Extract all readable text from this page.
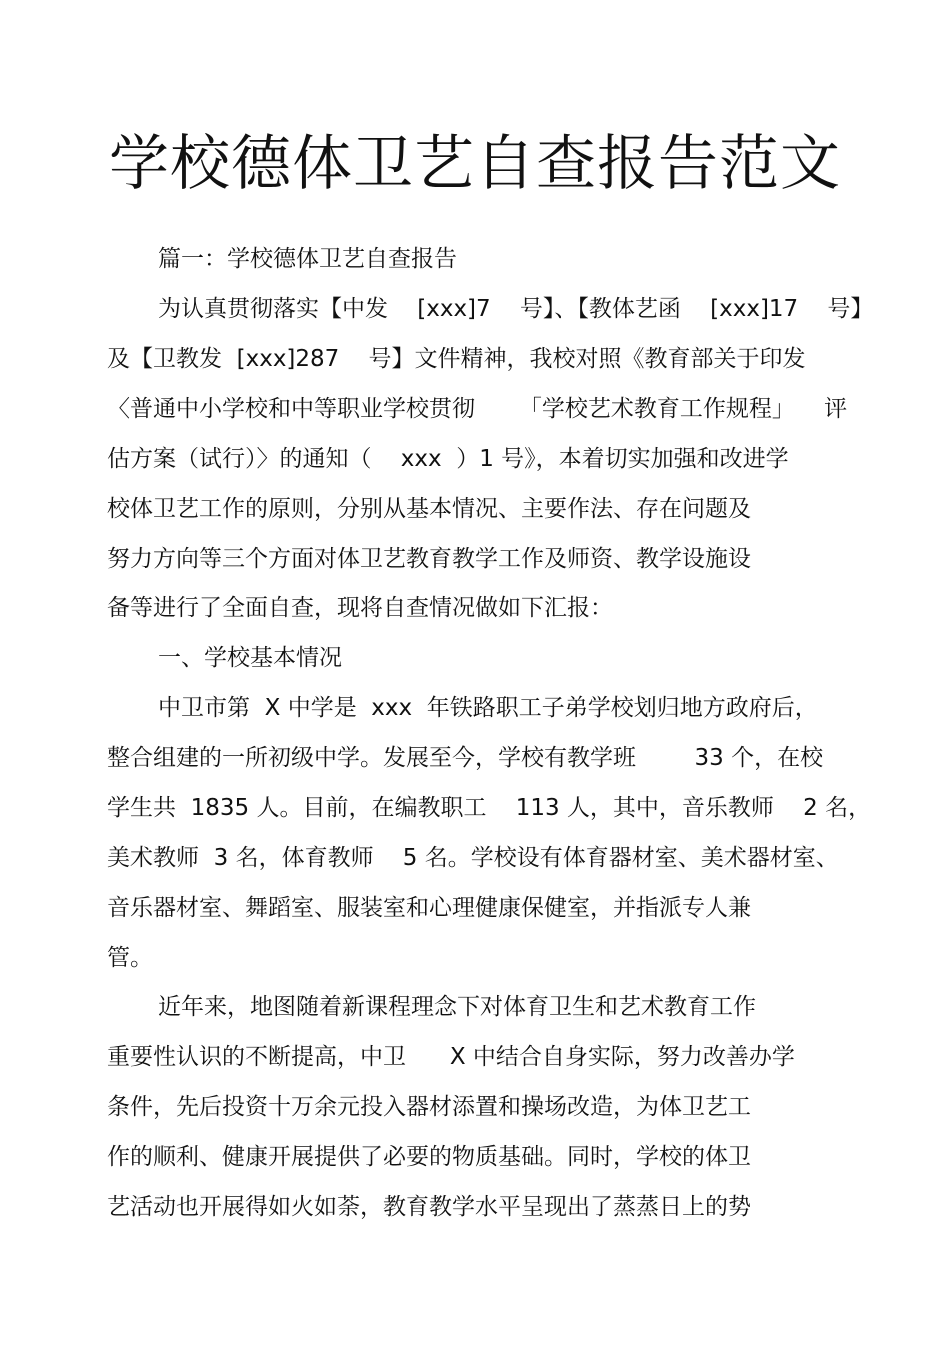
学校德体卫艺自查报告范文
篇一：学校德体卫艺自查报告
为认真贯彻落实【中发    [xxx]7    号】、【教体艺函    [xxx]17    号】
及【卫教发  [xxx]287    号】文件精神，我校对照《教育部关于印发
〈普通中小学校和中等职业学校贯彻      「学校艺术教育工作规程」    评
估方案（试行）〉的通知（    xxx  ）1 号》，本着切实加强和改进学
校体卫艺工作的原则，分别从基本情况、主要作法、存在问题及
努力方向等三个方面对体卫艺教育教学工作及师资、教学设施设
备等进行了全面自查，现将自查情况做如下汇报：
一、学校基本情况
中卫市第  X 中学是  xxx  年铁路职工子弟学校划归地方政府后，
整合组建的一所初级中学。发展至今，学校有教学班        33 个，在校
学生共  1835 人。目前，在编教职工    113 人，其中，音乐教师    2 名，
美术教师  3 名，体育教师    5 名。学校设有体育器材室、美术器材室、
音乐器材室、舞蹈室、服装室和心理健康保健室，并指派专人兼
管。
近年来，地图随着新课程理念下对体育卫生和艺术教育工作
重要性认识的不断提高，中卫      X 中结合自身实际，努力改善办学
条件，先后投资十万余元投入器材添置和操场改造，为体卫艺工
作的顺利、健康开展提供了必要的物质基础。同时，学校的体卫
艺活动也开展得如火如荼，教育教学水平呈现出了蒸蒸日上的势
